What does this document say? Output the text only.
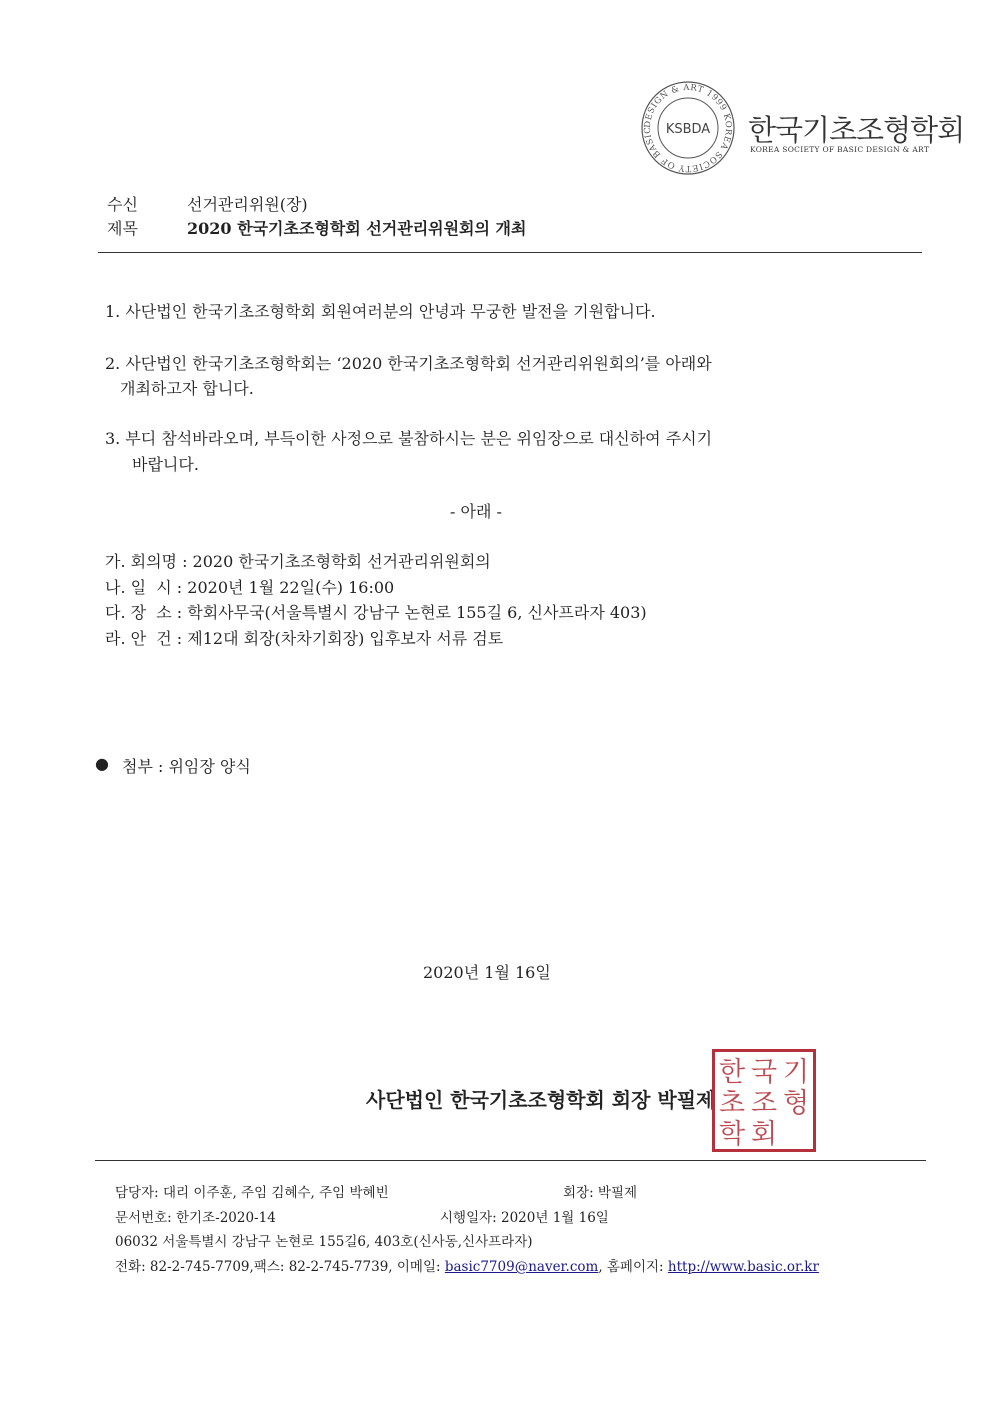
DESIGN & ART 1999 KOREA SOCIETY OF BASIC KSBDA 한국기초조형학회
KOREA SOCIETY OF BASIC DESIGN & ART
수신	선거관리위원(장)
제목	2020 한국기초조형학회 선거관리위원회의 개최
1. 사단법인 한국기초조형학회 회원여러분의 안녕과 무궁한 발전을 기원합니다.
2. 사단법인 한국기초조형학회는 ‘2020 한국기초조형학회 선거관리위원회의’를 아래와
개최하고자 합니다.
3. 부디 참석바라오며, 부득이한 사정으로 불참하시는 분은 위임장으로 대신하여 주시기
바랍니다.
- 아래 -
가. 회의명 : 2020 한국기초조형학회 선거관리위원회의
나. 일  시 : 2020년 1월 22일(수) 16:00
다. 장  소 : 학회사무국(서울특별시 강남구 논현로 155길 6, 신사프라자 403)
라. 안  건 : 제12대 회장(차차기회장) 입후보자 서류 검토
● 첨부 : 위임장 양식
2020년 1월 16일
사단법인 한국기초조형학회 회장 박필제
한 국 기
초 조 형
학 회
담당자: 대리 이주훈, 주임 김혜수, 주임 박혜빈	회장: 박필제
문서번호: 한기조-2020-14	시행일자: 2020년 1월 16일
06032 서울특별시 강남구 논현로 155길6, 403호(신사동,신사프라자)
전화: 82-2-745-7709,팩스: 82-2-745-7739, 이메일: basic7709@naver.com, 홈페이지: http://www.basic.or.kr
